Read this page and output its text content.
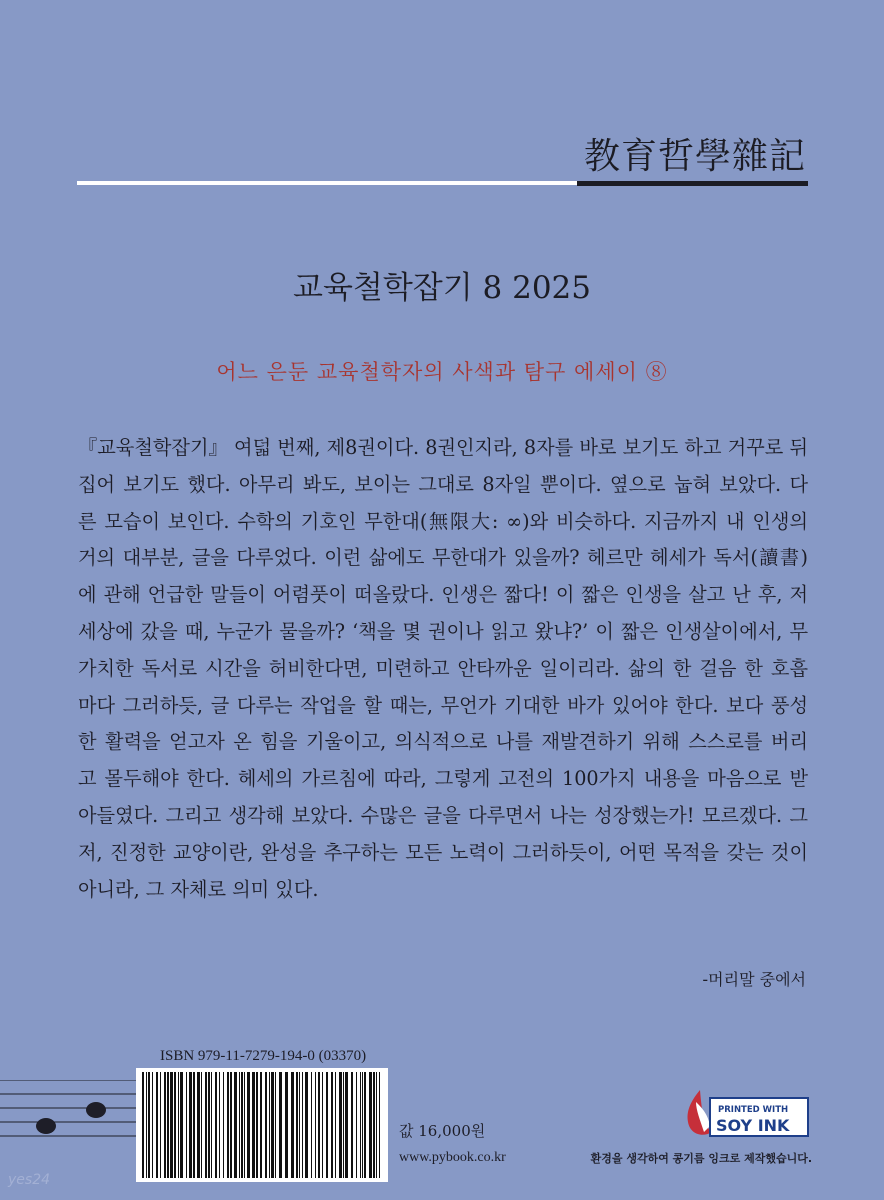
教育哲學雜記
교육철학잡기 8 2025
어느 은둔 교육철학자의 사색과 탐구 에세이 ⑧
『교육철학잡기』 여덟 번째, 제8권이다. 8권인지라, 8자를 바로 보기도 하고 거꾸로 뒤
집어 보기도 했다. 아무리 봐도, 보이는 그대로 8자일 뿐이다. 옆으로 눕혀 보았다. 다
른 모습이 보인다. 수학의 기호인 무한대(無限大: ∞)와 비슷하다. 지금까지 내 인생의
거의 대부분, 글을 다루었다. 이런 삶에도 무한대가 있을까? 헤르만 헤세가 독서(讀書)
에 관해 언급한 말들이 어렴풋이 떠올랐다. 인생은 짧다! 이 짧은 인생을 살고 난 후, 저
세상에 갔을 때, 누군가 물을까? ‘책을 몇 권이나 읽고 왔냐?’ 이 짧은 인생살이에서, 무
가치한 독서로 시간을 허비한다면, 미련하고 안타까운 일이리라. 삶의 한 걸음 한 호흡
마다 그러하듯, 글 다루는 작업을 할 때는, 무언가 기대한 바가 있어야 한다. 보다 풍성
한 활력을 얻고자 온 힘을 기울이고, 의식적으로 나를 재발견하기 위해 스스로를 버리
고 몰두해야 한다. 헤세의 가르침에 따라, 그렇게 고전의 100가지 내용을 마음으로 받
아들였다. 그리고 생각해 보았다. 수많은 글을 다루면서 나는 성장했는가! 모르겠다. 그
저, 진정한 교양이란, 완성을 추구하는 모든 노력이 그러하듯이, 어떤 목적을 갖는 것이
아니라, 그 자체로 의미 있다.
-머리말 중에서
ISBN 979-11-7279-194-0 (03370)
값 16,000원
www.pybook.co.kr
PRINTED WITH
SOY INK
환경을 생각하여 콩기름 잉크로 제작했습니다.
yes24
